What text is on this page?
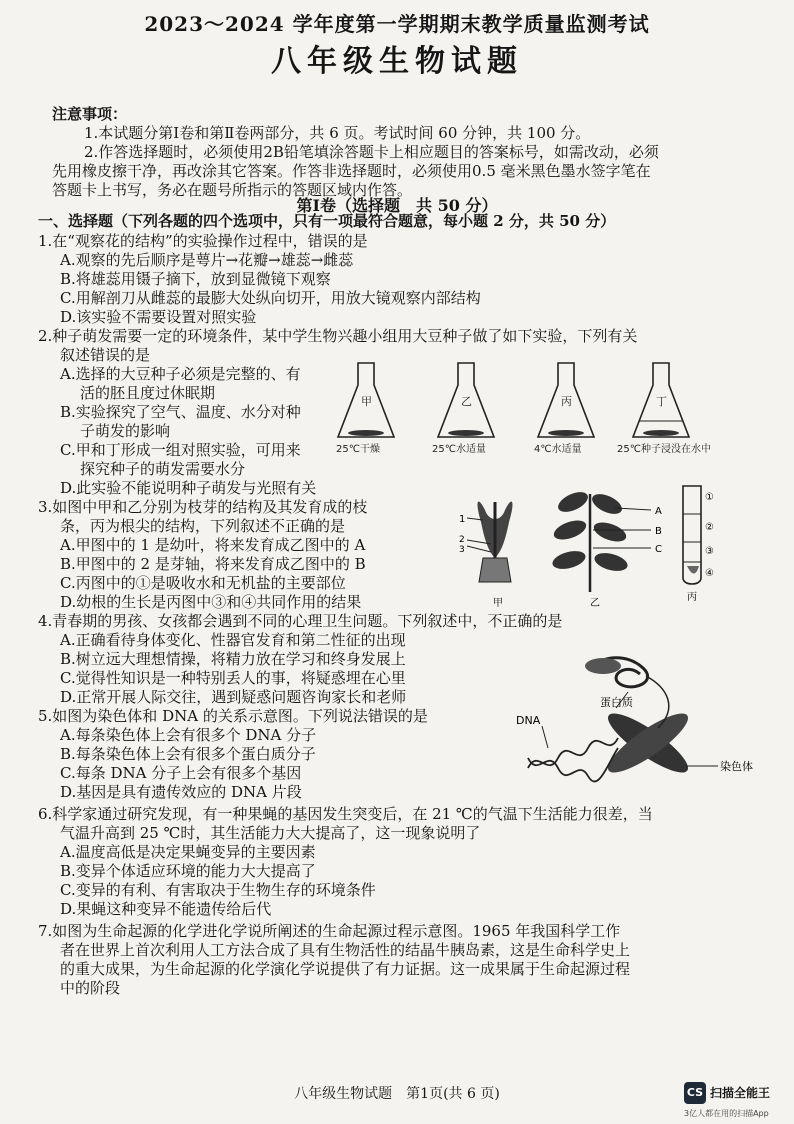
2023～2024 学年度第一学期期末教学质量监测考试
八年级生物试题
注意事项：
1.本试题分第Ⅰ卷和第Ⅱ卷两部分，共 6 页。考试时间 60 分钟，共 100 分。
2.作答选择题时，必须使用2B铅笔填涂答题卡上相应题目的答案标号，如需改动，必须
先用橡皮擦干净，再改涂其它答案。作答非选择题时，必须使用0.5 毫米黑色墨水签字笔在
答题卡上书写，务必在题号所指示的答题区域内作答。
第Ⅰ卷（选择题　共 50 分）
一、选择题（下列各题的四个选项中，只有一项最符合题意，每小题 2 分，共 50 分）
1.在“观察花的结构”的实验操作过程中，错误的是
A.观察的先后顺序是萼片→花瓣→雄蕊→雌蕊
B.将雄蕊用镊子摘下，放到显微镜下观察
C.用解剖刀从雌蕊的最膨大处纵向切开，用放大镜观察内部结构
D.该实验不需要设置对照实验
2.种子萌发需要一定的环境条件，某中学生物兴趣小组用大豆种子做了如下实验，下列有关
叙述错误的是
A.选择的大豆种子必须是完整的、有
活的胚且度过休眠期
B.实验探究了空气、温度、水分对种
子萌发的影响
C.甲和丁形成一组对照实验，可用来
探究种子的萌发需要水分
D.此实验不能说明种子萌发与光照有关
3.如图中甲和乙分别为枝芽的结构及其发育成的枝
条，丙为根尖的结构，下列叙述不正确的是
A.甲图中的 1 是幼叶，将来发育成乙图中的 A
B.甲图中的 2 是芽轴，将来发育成乙图中的 B
C.丙图中的①是吸收水和无机盐的主要部位
D.幼根的生长是丙图中③和④共同作用的结果
4.青春期的男孩、女孩都会遇到不同的心理卫生问题。下列叙述中，不正确的是
A.正确看待身体变化、性器官发育和第二性征的出现
B.树立远大理想情操，将精力放在学习和终身发展上
C.觉得性知识是一种特别丢人的事，将疑惑埋在心里
D.正常开展人际交往，遇到疑惑问题咨询家长和老师
5.如图为染色体和 DNA 的关系示意图。下列说法错误的是
A.每条染色体上会有很多个 DNA 分子
B.每条染色体上会有很多个蛋白质分子
C.每条 DNA 分子上会有很多个基因
D.基因是具有遗传效应的 DNA 片段
6.科学家通过研究发现，有一种果蝇的基因发生突变后，在 21 ℃的气温下生活能力很差，当
气温升高到 25 ℃时，其生活能力大大提高了，这一现象说明了
A.温度高低是决定果蝇变异的主要因素
B.变异个体适应环境的能力大大提高了
C.变异的有利、有害取决于生物生存的环境条件
D.果蝇这种变异不能遗传给后代
7.如图为生命起源的化学进化学说所阐述的生命起源过程示意图。1965 年我国科学工作
者在世界上首次利用人工方法合成了具有生物活性的结晶牛胰岛素，这是生命科学史上
的重大成果，为生命起源的化学演化学说提供了有力证据。这一成果属于生命起源过程
中的阶段
甲
25℃干燥
乙
25℃水适量
丙
4℃水适量
丁
25℃种子浸没在水中
1
2
3
甲
A
B
C
乙
①
②
③
④
丙
蛋白质
DNA
染色体
八年级生物试题　第1页(共 6 页)	CS 扫描全能王
3亿人都在用的扫描App
